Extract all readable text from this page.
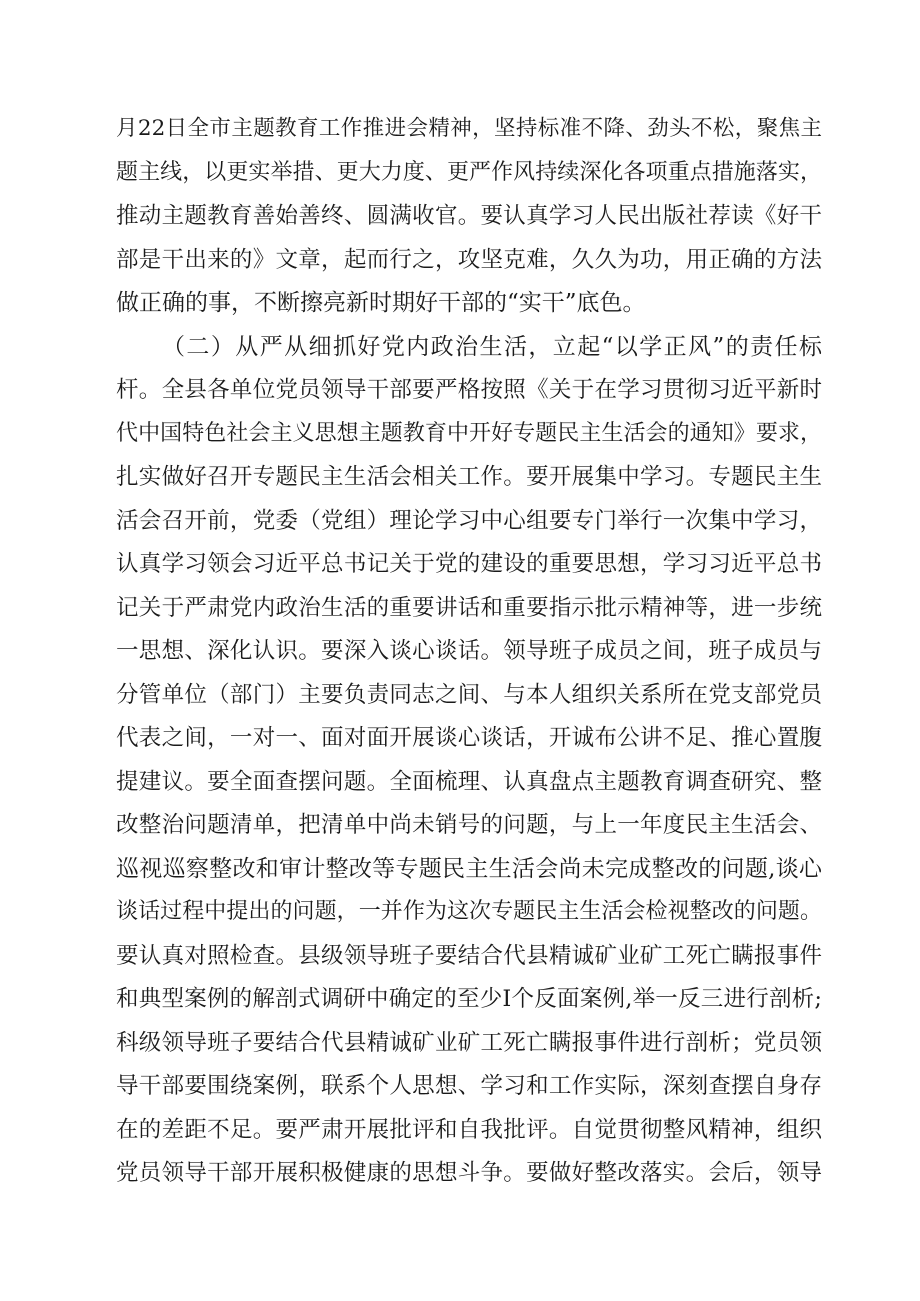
月22日全市主题教育工作推进会精神，坚持标准不降、劲头不松，聚焦主
题主线，以更实举措、更大力度、更严作风持续深化各项重点措施落实，
推动主题教育善始善终、圆满收官。要认真学习人民出版社荐读《好干
部是干出来的》文章，起而行之，攻坚克难，久久为功，用正确的方法
做正确的事，不断擦亮新时期好干部的“实干”底色。
（二）从严从细抓好党内政治生活，立起“以学正风”的责任标
杆。全县各单位党员领导干部要严格按照《关于在学习贯彻习近平新时
代中国特色社会主义思想主题教育中开好专题民主生活会的通知》要求，
扎实做好召开专题民主生活会相关工作。要开展集中学习。专题民主生
活会召开前，党委（党组）理论学习中心组要专门举行一次集中学习，
认真学习领会习近平总书记关于党的建设的重要思想，学习习近平总书
记关于严肃党内政治生活的重要讲话和重要指示批示精神等，进一步统
一思想、深化认识。要深入谈心谈话。领导班子成员之间，班子成员与
分管单位（部门）主要负责同志之间、与本人组织关系所在党支部党员
代表之间，一对一、面对面开展谈心谈话，开诚布公讲不足、推心置腹
提建议。要全面查摆问题。全面梳理、认真盘点主题教育调查研究、整
改整治问题清单，把清单中尚未销号的问题，与上一年度民主生活会、
巡视巡察整改和审计整改等专题民主生活会尚未完成整改的问题,谈心
谈话过程中提出的问题，一并作为这次专题民主生活会检视整改的问题。
要认真对照检查。县级领导班子要结合代县精诚矿业矿工死亡瞒报事件
和典型案例的解剖式调研中确定的至少I个反面案例,举一反三进行剖析;
科级领导班子要结合代县精诚矿业矿工死亡瞒报事件进行剖析；党员领
导干部要围绕案例，联系个人思想、学习和工作实际，深刻查摆自身存
在的差距不足。要严肃开展批评和自我批评。自觉贯彻整风精神，组织
党员领导干部开展积极健康的思想斗争。要做好整改落实。会后，领导
